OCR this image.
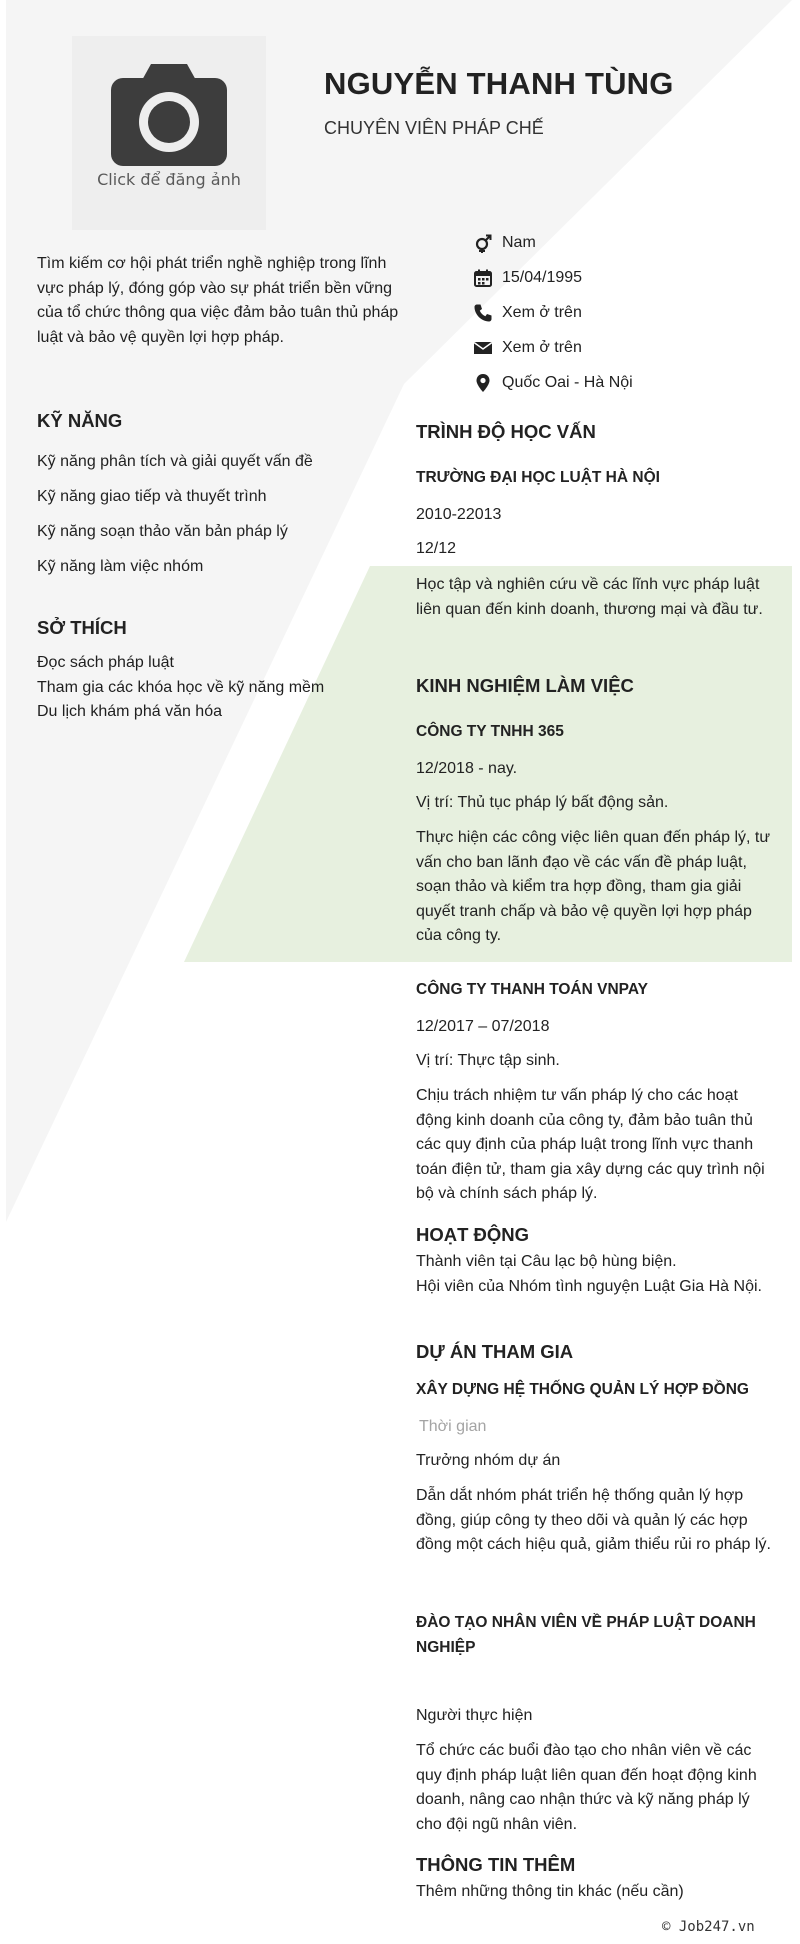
Click để đăng ảnh
NGUYỄN THANH TÙNG
CHUYÊN VIÊN PHÁP CHẾ
Tìm kiếm cơ hội phát triển nghề nghiệp trong lĩnh vực pháp lý, đóng góp vào sự phát triển bền vững của tổ chức thông qua việc đảm bảo tuân thủ pháp luật và bảo vệ quyền lợi hợp pháp.
Nam
15/04/1995
Xem ở trên
Xem ở trên
Quốc Oai - Hà Nội
KỸ NĂNG
Kỹ năng phân tích và giải quyết vấn đề
Kỹ năng giao tiếp và thuyết trình
Kỹ năng soạn thảo văn bản pháp lý
Kỹ năng làm việc nhóm
SỞ THÍCH
Đọc sách pháp luật
Tham gia các khóa học về kỹ năng mềm
Du lịch khám phá văn hóa
TRÌNH ĐỘ HỌC VẤN
TRƯỜNG ĐẠI HỌC LUẬT HÀ NỘI
2010-22013
12/12
Học tập và nghiên cứu về các lĩnh vực pháp luật liên quan đến kinh doanh, thương mại và đầu tư.
KINH NGHIỆM LÀM VIỆC
CÔNG TY TNHH 365
12/2018 - nay.
Vị trí: Thủ tục pháp lý bất động sản.
Thực hiện các công việc liên quan đến pháp lý, tư vấn cho ban lãnh đạo về các vấn đề pháp luật, soạn thảo và kiểm tra hợp đồng, tham gia giải quyết tranh chấp và bảo vệ quyền lợi hợp pháp của công ty.
CÔNG TY THANH TOÁN VNPAY
12/2017 – 07/2018
Vị trí: Thực tập sinh.
Chịu trách nhiệm tư vấn pháp lý cho các hoạt động kinh doanh của công ty, đảm bảo tuân thủ các quy định của pháp luật trong lĩnh vực thanh toán điện tử, tham gia xây dựng các quy trình nội bộ và chính sách pháp lý.
HOẠT ĐỘNG
Thành viên tại Câu lạc bộ hùng biện.
Hội viên của Nhóm tình nguyện Luật Gia Hà Nội.
DỰ ÁN THAM GIA
XÂY DỰNG HỆ THỐNG QUẢN LÝ HỢP ĐỒNG
Thời gian
Trưởng nhóm dự án
Dẫn dắt nhóm phát triển hệ thống quản lý hợp đồng, giúp công ty theo dõi và quản lý các hợp đồng một cách hiệu quả, giảm thiểu rủi ro pháp lý.
ĐÀO TẠO NHÂN VIÊN VỀ PHÁP LUẬT DOANH NGHIỆP
Người thực hiện
Tổ chức các buổi đào tạo cho nhân viên về các quy định pháp luật liên quan đến hoạt động kinh doanh, nâng cao nhận thức và kỹ năng pháp lý cho đội ngũ nhân viên.
THÔNG TIN THÊM
Thêm những thông tin khác (nếu cần)
© Job247.vn
